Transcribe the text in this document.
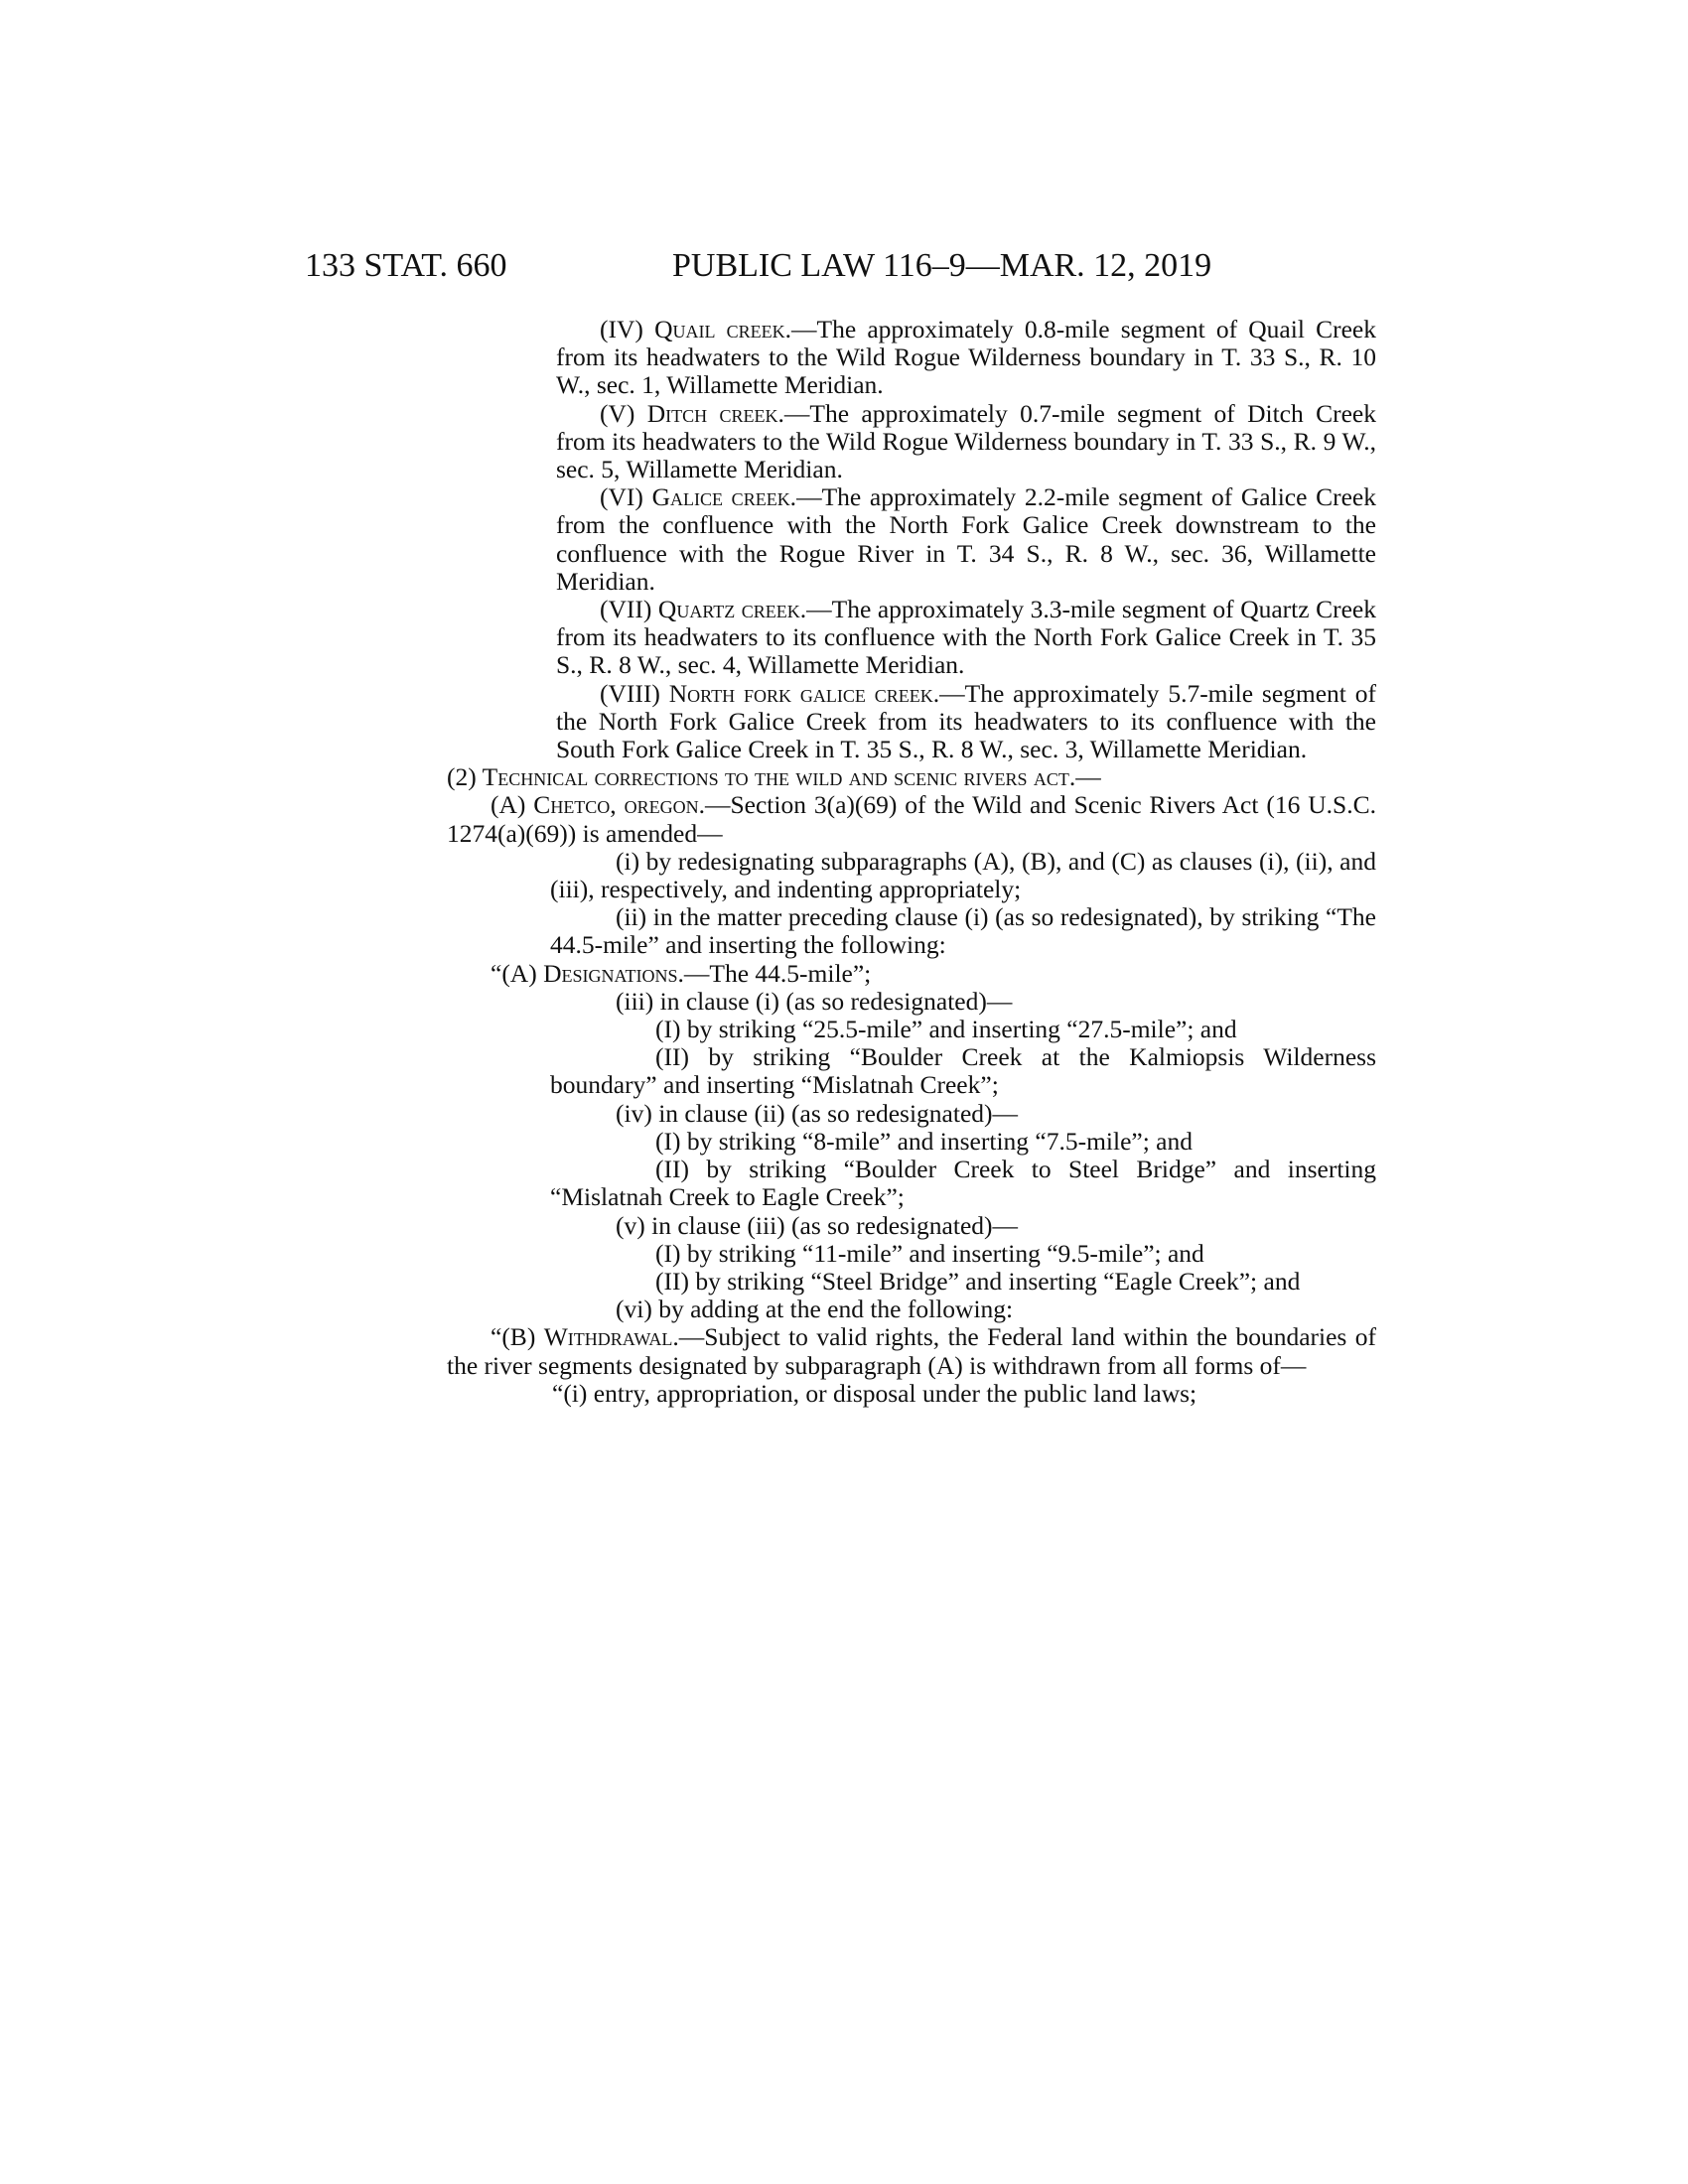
133 STAT. 660	PUBLIC LAW 116–9—MAR. 12, 2019

(IV) Quail creek.—The approximately 0.8-mile segment of Quail Creek from its headwaters to the Wild Rogue Wilderness boundary in T. 33 S., R. 10 W., sec. 1, Willamette Meridian.

(V) Ditch creek.—The approximately 0.7-mile segment of Ditch Creek from its headwaters to the Wild Rogue Wilderness boundary in T. 33 S., R. 9 W., sec. 5, Willamette Meridian.

(VI) Galice creek.—The approximately 2.2-mile segment of Galice Creek from the confluence with the North Fork Galice Creek downstream to the confluence with the Rogue River in T. 34 S., R. 8 W., sec. 36, Willamette Meridian.

(VII) Quartz creek.—The approximately 3.3-mile segment of Quartz Creek from its headwaters to its confluence with the North Fork Galice Creek in T. 35 S., R. 8 W., sec. 4, Willamette Meridian.

(VIII) North fork galice creek.—The approximately 5.7-mile segment of the North Fork Galice Creek from its headwaters to its confluence with the South Fork Galice Creek in T. 35 S., R. 8 W., sec. 3, Willamette Meridian.

(2) Technical corrections to the wild and scenic rivers act.—

(A) Chetco, oregon.—Section 3(a)(69) of the Wild and Scenic Rivers Act (16 U.S.C. 1274(a)(69)) is amended—

(i) by redesignating subparagraphs (A), (B), and (C) as clauses (i), (ii), and (iii), respectively, and indenting appropriately;

(ii) in the matter preceding clause (i) (as so redesignated), by striking “The 44.5-mile” and inserting the following:

“(A) Designations.—The 44.5-mile”;

(iii) in clause (i) (as so redesignated)—

(I) by striking “25.5-mile” and inserting “27.5-mile”; and

(II) by striking “Boulder Creek at the Kalmiopsis Wilderness boundary” and inserting “Mislatnah Creek”;

(iv) in clause (ii) (as so redesignated)—

(I) by striking “8-mile” and inserting “7.5-mile”; and

(II) by striking “Boulder Creek to Steel Bridge” and inserting “Mislatnah Creek to Eagle Creek”;

(v) in clause (iii) (as so redesignated)—

(I) by striking “11-mile” and inserting “9.5-mile”; and

(II) by striking “Steel Bridge” and inserting “Eagle Creek”; and

(vi) by adding at the end the following:

“(B) Withdrawal.—Subject to valid rights, the Federal land within the boundaries of the river segments designated by subparagraph (A) is withdrawn from all forms of—

“(i) entry, appropriation, or disposal under the public land laws;
